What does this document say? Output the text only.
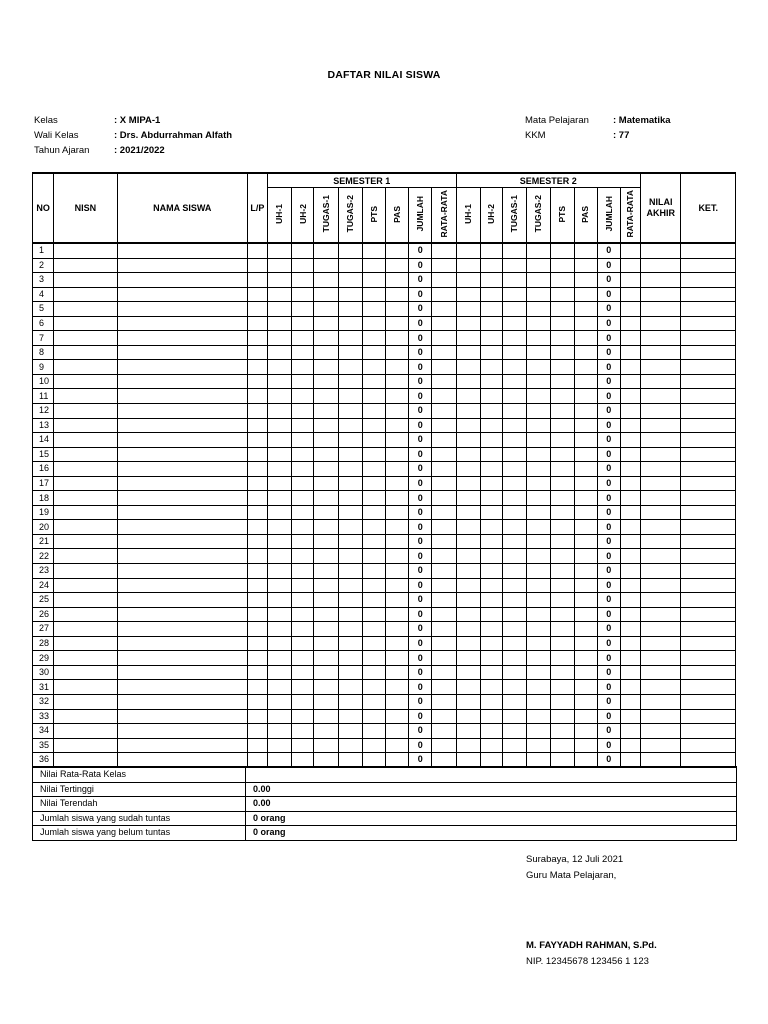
DAFTAR NILAI SISWA
Kelas	: X MIPA-1
Wali Kelas	: Drs. Abdurrahman Alfath
Tahun Ajaran	: 2021/2022
Mata Pelajaran	: Matematika
KKM	: 77
NO	NISN	NAMA SISWA	L/P	SEMESTER 1								SEMESTER 2								NILAI AKHIR	KET.
				UH-1	UH-2	TUGAS-1	TUGAS-2	PTS	PAS	JUMLAH	RATA-RATA	UH-1	UH-2	TUGAS-1	TUGAS-2	PTS	PAS	JUMLAH	RATA-RATA		
1										0								0			
2										0								0			
3										0								0			
4										0								0			
5										0								0			
6										0								0			
7										0								0			
8										0								0			
9										0								0			
10										0								0			
11										0								0			
12										0								0			
13										0								0			
14										0								0			
15										0								0			
16										0								0			
17										0								0			
18										0								0			
19										0								0			
20										0								0			
21										0								0			
22										0								0			
23										0								0			
24										0								0			
25										0								0			
26										0								0			
27										0								0			
28										0								0			
29										0								0			
30										0								0			
31										0								0			
32										0								0			
33										0								0			
34										0								0			
35										0								0			
36										0								0			
Nilai Rata-Rata Kelas	
Nilai Tertinggi	0.00
Nilai Terendah	0.00
Jumlah siswa yang sudah tuntas	0 orang
Jumlah siswa yang belum tuntas	0 orang
Surabaya, 12 Juli 2021
Guru Mata Pelajaran,
M. FAYYADH RAHMAN, S.Pd.
NIP. 12345678 123456 1 123
